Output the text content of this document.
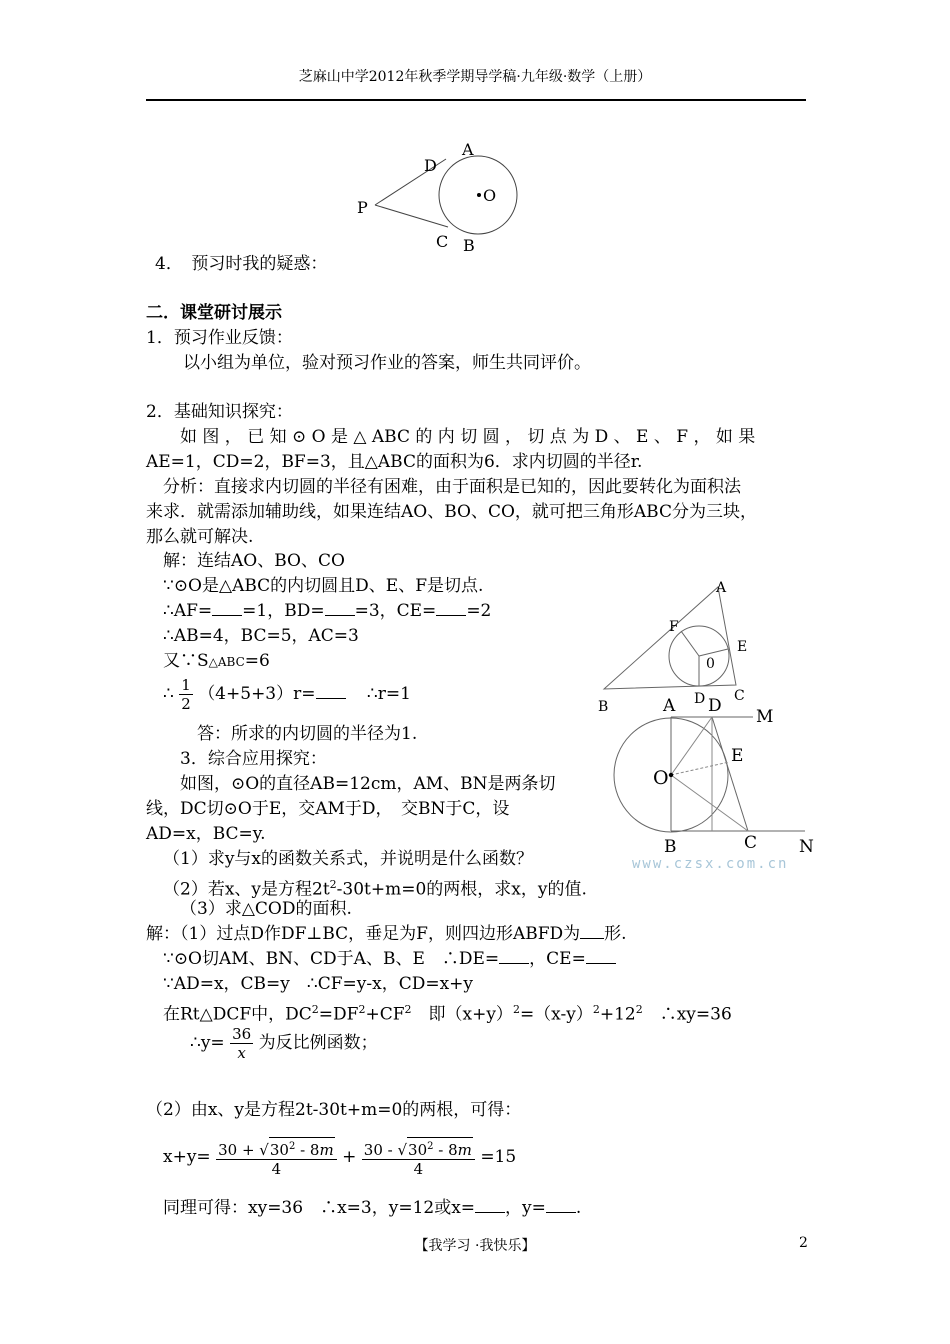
芝麻山中学2012年秋季学期导学稿·九年级·数学（上册）
A
D
O
P
C B
4．　预习时我的疑惑：
二．课堂研讨展示
1．预习作业反馈：
以小组为单位，验对预习作业的答案，师生共同评价。
2．基础知识探究：
如 图 ， 已 知 ⊙ O 是 △ ABC 的 内 切 圆 ， 切 点 为 D 、 E 、 F ， 如 果
AE=1，CD=2，BF=3，且△ABC的面积为6．求内切圆的半径r.
分析：直接求内切圆的半径有困难，由于面积是已知的，因此要转化为面积法
来求．就需添加辅助线，如果连结AO、BO、CO，就可把三角形ABC分为三块，
那么就可解决.
解：连结AO、BO、CO
∵⊙O是△ABC的内切圆且D、E、F是切点.
∴AF= =1，BD= =3，CE= =2
∴AB=4，BC=5，AC=3
又∵S△ABC=6
∴ $\frac{1}{2} (4+5+3)r=$	∴r=1
答：所求的内切圆的半径为1.
A
F
E
0
D C
B
3．综合应用探究：
如图，⊙O的直径AB=12cm，AM、BN是两条切
线，DC切⊙O于E，交AM于D，　交BN于C，设
AD=x，BC=y.
（1）求y与x的函数关系式，并说明是什么函数？
（2）若x、y是方程$2t^2-30t+m=0$的两根，求x，y的值.
（3）求△COD的面积.
A D
M
E
O
B	C N
www.czsx.com.cn
解：（1）过点D作DF⊥BC，垂足为F，则四边形ABFD为 形.
∵⊙O切AM、BN、CD于A、B、E　∴DE= ，CE=
∵AD=x，CB=y　∴CF=y-x，CD=x+y
在Rt△DCF中，$DC^2=DF^2+CF^2$　即$(x+y)^2=(x-y)^2+12^2$　∴xy=36
∴y= $\frac{36}{x}$ 为反比例函数；
（2）由x、y是方程2t-30t+m=0的两根，可得：
$x+y= \frac{30 + √30^2 - 8m}{4} + \frac{30 - √30^2 - 8m}{4} =15$
同理可得：xy=36　∴x=3，y=12或x= ，y= .
【我学习 ·我快乐】	2
